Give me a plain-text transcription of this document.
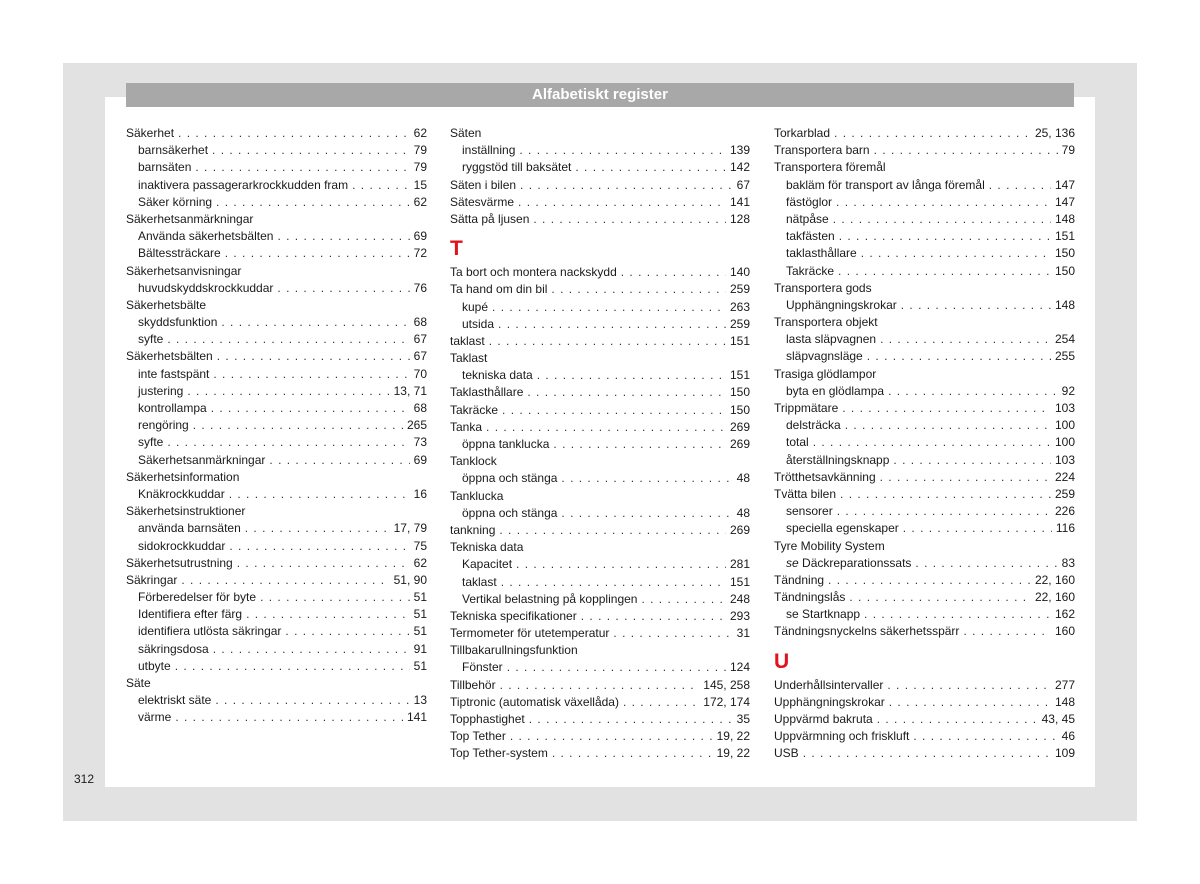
Alfabetiskt register
Säkerhet . . .	62
barnsäkerhet . . .	79
barnsäten . . .	79
inaktivera passagerarkrockkudden fram . . .	15
Säker körning . . .	62
Säkerhetsanmärkningar
Använda säkerhetsbälten . . .	69
Bältessträckare . . .	72
Säkerhetsanvisningar
huvudskyddskrockkuddar . . .	76
Säkerhetsbälte
skyddsfunktion . . .	68
syfte . . .	67
Säkerhetsbälten . . .	67
inte fastspänt . . .	70
justering . . .	13, 71
kontrollampa . . .	68
rengöring . . .	265
syfte . . .	73
Säkerhetsanmärkningar . . .	69
Säkerhetsinformation
Knäkrockkuddar . . .	16
Säkerhetsinstruktioner
använda barnsäten . . .	17, 79
sidokrockkuddar . . .	75
Säkerhetsutrustning . . .	62
Säkringar . . .	51, 90
Förberedelser för byte . . .	51
Identifiera efter färg . . .	51
identifiera utlösta säkringar . . .	51
säkringsdosa . . .	91
utbyte . . .	51
Säte
elektriskt säte . . .	13
värme . . .	141
Säten
inställning . . .	139
ryggstöd till baksätet . . .	142
Säten i bilen . . .	67
Sätesvärme . . .	141
Sätta på ljusen . . .	128
T
Ta bort och montera nackskydd . . .	140
Ta hand om din bil . . .	259
kupé . . .	263
utsida . . .	259
taklast . . .	151
Taklast
tekniska data . . .	151
Taklasthållare . . .	150
Takräcke . . .	150
Tanka . . .	269
öppna tanklucka . . .	269
Tanklock
öppna och stänga . . .	48
Tanklucka
öppna och stänga . . .	48
tankning . . .	269
Tekniska data
Kapacitet . . .	281
taklast . . .	151
Vertikal belastning på kopplingen . . .	248
Tekniska specifikationer . . .	293
Termometer för utetemperatur . . .	31
Tillbakarullningsfunktion
Fönster . . .	124
Tillbehör . . .	145, 258
Tiptronic (automatisk växellåda) . . .	172, 174
Topphastighet . . .	35
Top Tether . . .	19, 22
Top Tether-system . . .	19, 22
Torkarblad . . .	25, 136
Transportera barn . . .	79
Transportera föremål
bakläm för transport av långa föremål . . .	147
fästöglor . . .	147
nätpåse . . .	148
takfästen . . .	151
taklasthållare . . .	150
Takräcke . . .	150
Transportera gods
Upphängningskrokar . . .	148
Transportera objekt
lasta släpvagnen . . .	254
släpvagnsläge . . .	255
Trasiga glödlampor
byta en glödlampa . . .	92
Trippmätare . . .	103
delsträcka . . .	100
total . . .	100
återställningsknapp . . .	103
Trötthetsavkänning . . .	224
Tvätta bilen . . .	259
sensorer . . .	226
speciella egenskaper . . .	116
Tyre Mobility System
se Däckreparationssats . . .	83
Tändning . . .	22, 160
Tändningslås . . .	22, 160
se Startknapp . . .	162
Tändningsnyckelns säkerhetsspärr . . .	160
U
Underhållsintervaller . . .	277
Upphängningskrokar . . .	148
Uppvärmd bakruta . . .	43, 45
Uppvärmning och friskluft . . .	46
USB . . .	109
312
